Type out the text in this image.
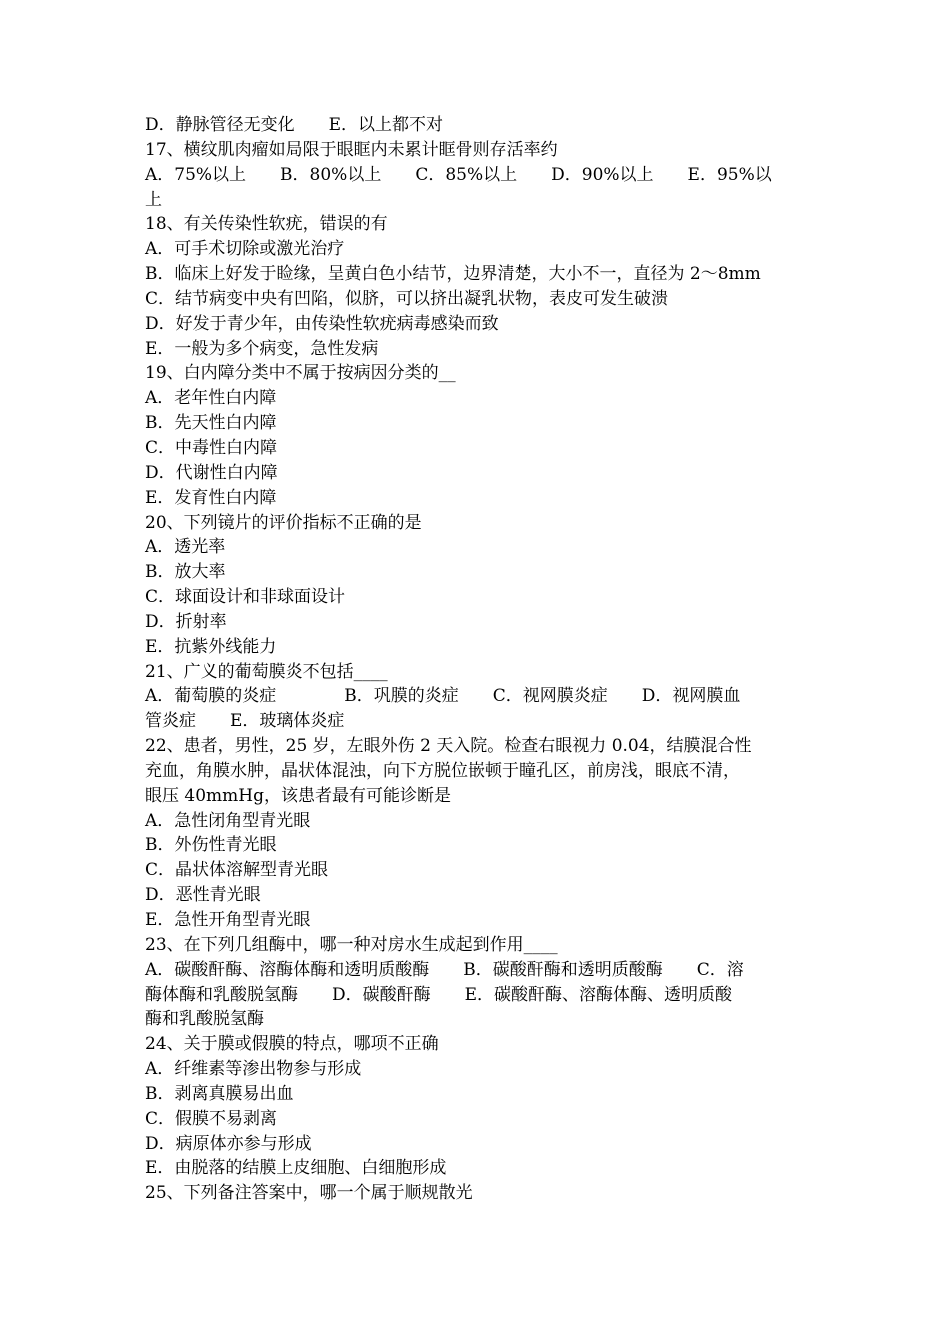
D．静脉管径无变化　　E．以上都不对
17、横纹肌肉瘤如局限于眼眶内未累计眶骨则存活率约
A．75%以上　　B．80%以上　　C．85%以上　　D．90%以上　　E．95%以
上
18、有关传染性软疣，错误的有
A．可手术切除或激光治疗
B．临床上好发于睑缘，呈黄白色小结节，边界清楚，大小不一，直径为 2～8mm
C．结节病变中央有凹陷，似脐，可以挤出凝乳状物，表皮可发生破溃
D．好发于青少年，由传染性软疣病毒感染而致
E．一般为多个病变，急性发病
19、白内障分类中不属于按病因分类的__
A．老年性白内障
B．先天性白内障
C．中毒性白内障
D．代谢性白内障
E．发育性白内障
20、下列镜片的评价指标不正确的是
A．透光率
B．放大率
C．球面设计和非球面设计
D．折射率
E．抗紫外线能力
21、广义的葡萄膜炎不包括____
A．葡萄膜的炎症　　　　B．巩膜的炎症　　C．视网膜炎症　　D．视网膜血
管炎症　　E．玻璃体炎症
22、患者，男性，25 岁，左眼外伤 2 天入院。检查右眼视力 0.04，结膜混合性
充血，角膜水肿，晶状体混浊，向下方脱位嵌顿于瞳孔区，前房浅，眼底不清，
眼压 40mmHg，该患者最有可能诊断是
A．急性闭角型青光眼
B．外伤性青光眼
C．晶状体溶解型青光眼
D．恶性青光眼
E．急性开角型青光眼
23、在下列几组酶中，哪一种对房水生成起到作用____
A．碳酸酐酶、溶酶体酶和透明质酸酶　　B．碳酸酐酶和透明质酸酶　　C．溶
酶体酶和乳酸脱氢酶　　D．碳酸酐酶　　E．碳酸酐酶、溶酶体酶、透明质酸
酶和乳酸脱氢酶
24、关于膜或假膜的特点，哪项不正确
A．纤维素等渗出物参与形成
B．剥离真膜易出血
C．假膜不易剥离
D．病原体亦参与形成
E．由脱落的结膜上皮细胞、白细胞形成
25、下列备注答案中，哪一个属于顺规散光
